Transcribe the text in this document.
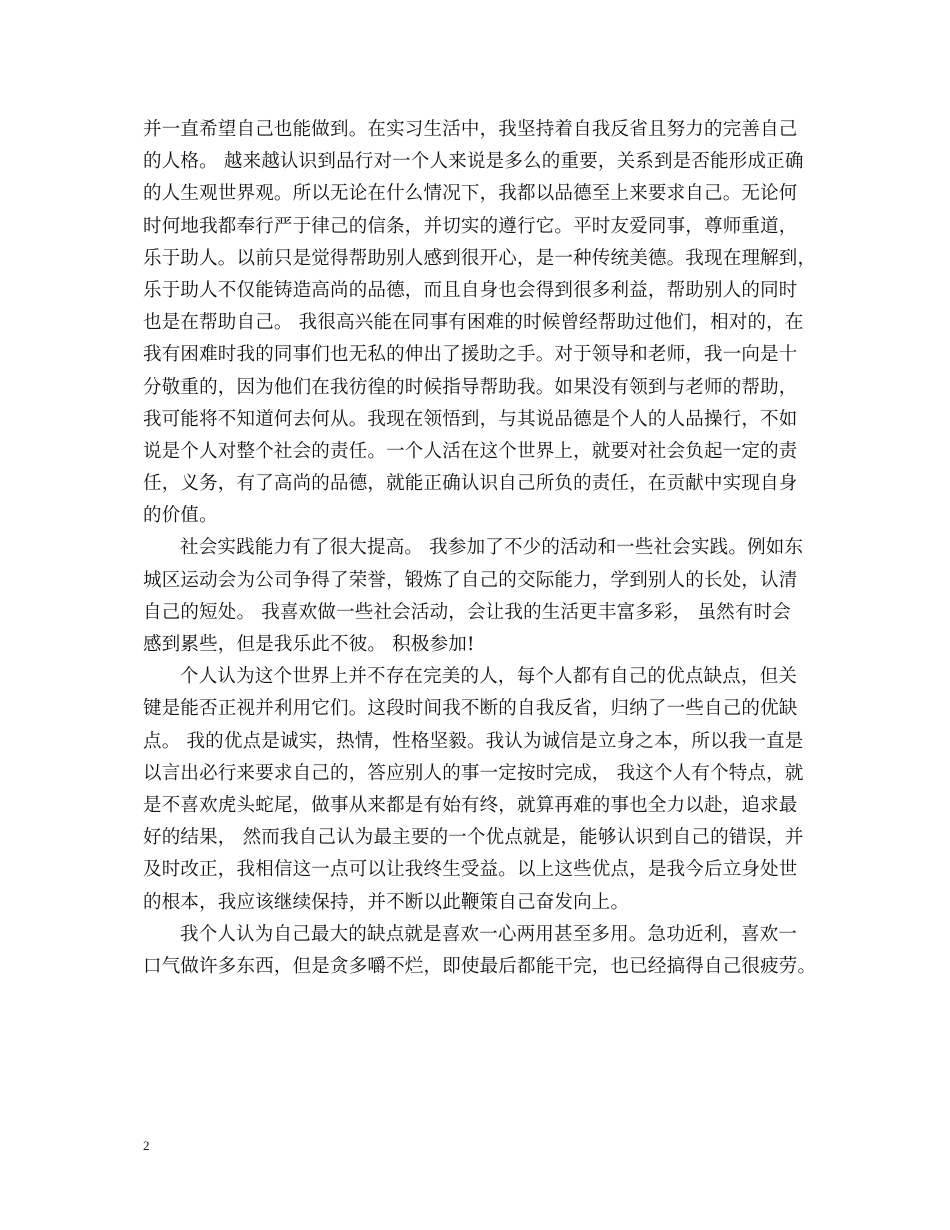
并一直希望自己也能做到。在实习生活中，我坚持着自我反省且努力的完善自己
的人格。 越来越认识到品行对一个人来说是多么的重要，关系到是否能形成正确
的人生观世界观。所以无论在什么情况下，我都以品德至上来要求自己。无论何
时何地我都奉行严于律己的信条，并切实的遵行它。平时友爱同事，尊师重道，
乐于助人。以前只是觉得帮助别人感到很开心，是一种传统美德。我现在理解到，
乐于助人不仅能铸造高尚的品德，而且自身也会得到很多利益，帮助别人的同时
也是在帮助自己。 我很高兴能在同事有困难的时候曾经帮助过他们，相对的，在
我有困难时我的同事们也无私的伸出了援助之手。对于领导和老师，我一向是十
分敬重的，因为他们在我彷徨的时候指导帮助我。如果没有领到与老师的帮助，
我可能将不知道何去何从。我现在领悟到，与其说品德是个人的人品操行，不如
说是个人对整个社会的责任。一个人活在这个世界上，就要对社会负起一定的责
任，义务，有了高尚的品德，就能正确认识自己所负的责任，在贡献中实现自身
的价值。
社会实践能力有了很大提高。 我参加了不少的活动和一些社会实践。例如东
城区运动会为公司争得了荣誉，锻炼了自己的交际能力，学到别人的长处，认清
自己的短处。 我喜欢做一些社会活动，会让我的生活更丰富多彩， 虽然有时会
感到累些，但是我乐此不彼。 积极参加!
个人认为这个世界上并不存在完美的人，每个人都有自己的优点缺点，但关
键是能否正视并利用它们。这段时间我不断的自我反省，归纳了一些自己的优缺
点。 我的优点是诚实，热情，性格坚毅。我认为诚信是立身之本，所以我一直是
以言出必行来要求自己的，答应别人的事一定按时完成， 我这个人有个特点，就
是不喜欢虎头蛇尾，做事从来都是有始有终，就算再难的事也全力以赴，追求最
好的结果， 然而我自己认为最主要的一个优点就是，能够认识到自己的错误，并
及时改正，我相信这一点可以让我终生受益。以上这些优点，是我今后立身处世
的根本，我应该继续保持，并不断以此鞭策自己奋发向上。
我个人认为自己最大的缺点就是喜欢一心两用甚至多用。急功近利，喜欢一
口气做许多东西，但是贪多嚼不烂，即使最后都能干完，也已经搞得自己很疲劳。
2
